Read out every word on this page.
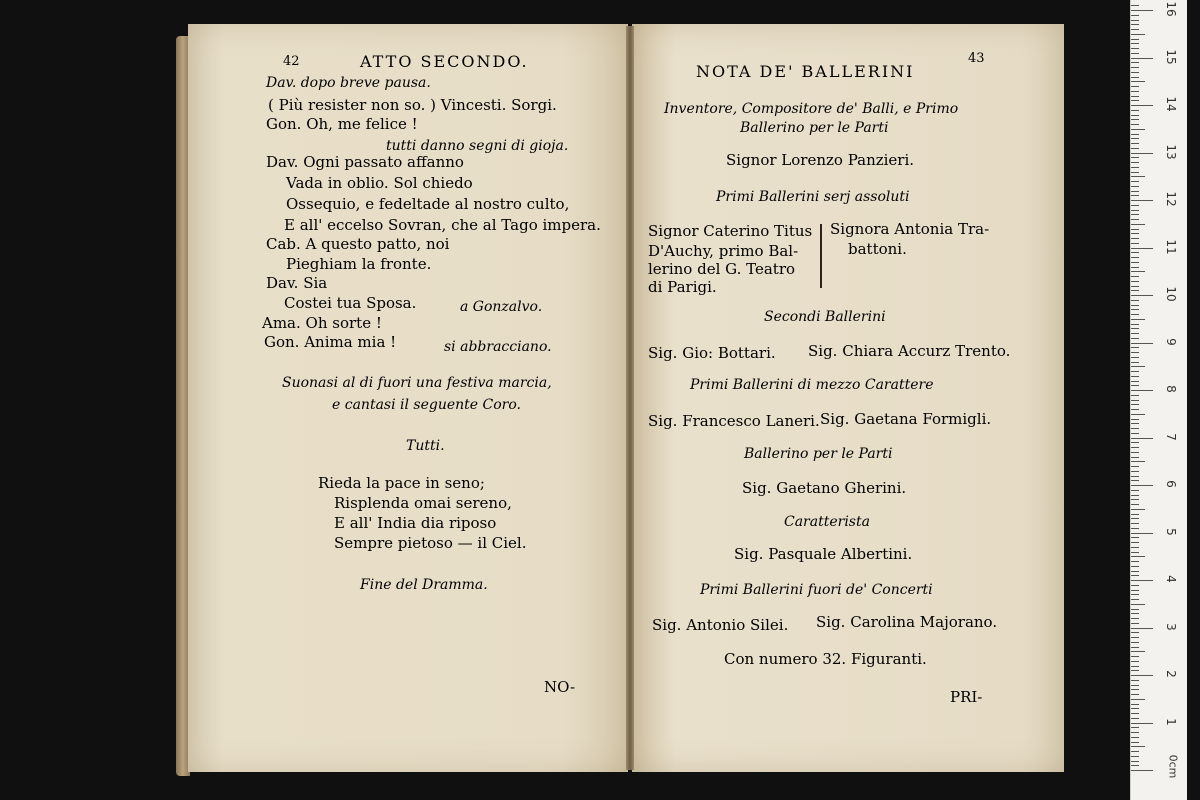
42	ATTO SECONDO.
Dav. dopo breve pausa.
( Più resister non so. ) Vincesti. Sorgi.
Gon. Oh, me felice !
tutti danno segni di gioja.
Dav. Ogni passato affanno
Vada in oblio. Sol chiedo
Ossequio, e fedeltade al nostro culto,
E all' eccelso Sovran, che al Tago impera.
Cab. A questo patto, noi
Pieghiam la fronte.
Dav. Sia
Costei tua Sposa.	a Gonzalvo.
Ama. Oh sorte !
Gon. Anima mia !	si abbracciano.
Suonasi al di fuori una festiva marcia,
e cantasi il seguente Coro.
Tutti.
Rieda la pace in seno;
Risplenda omai sereno,
E all' India dia riposo
Sempre pietoso — il Ciel.
Fine del Dramma.
NO-
NOTA DE' BALLERINI
43
Inventore, Compositore de' Balli, e Primo
Ballerino per le Parti
Signor Lorenzo Panzieri.
Primi Ballerini serj assoluti
Signor Caterino Titus
D'Auchy, primo Bal-
lerino del G. Teatro
di Parigi.
Signora Antonia Tra-
battoni.
Secondi Ballerini
Sig. Gio: Bottari. Sig. Chiara Accurz Trento.
Primi Ballerini di mezzo Carattere
Sig. Francesco Laneri. Sig. Gaetana Formigli.
Ballerino per le Parti
Sig. Gaetano Gherini.
Caratterista
Sig. Pasquale Albertini.
Primi Ballerini fuori de' Concerti
Sig. Antonio Silei. Sig. Carolina Majorano.
Con numero 32. Figuranti.
PRI-
0cm
1
2
3
4
5
6
7
8
9
10
11
12
13
14
15
16
